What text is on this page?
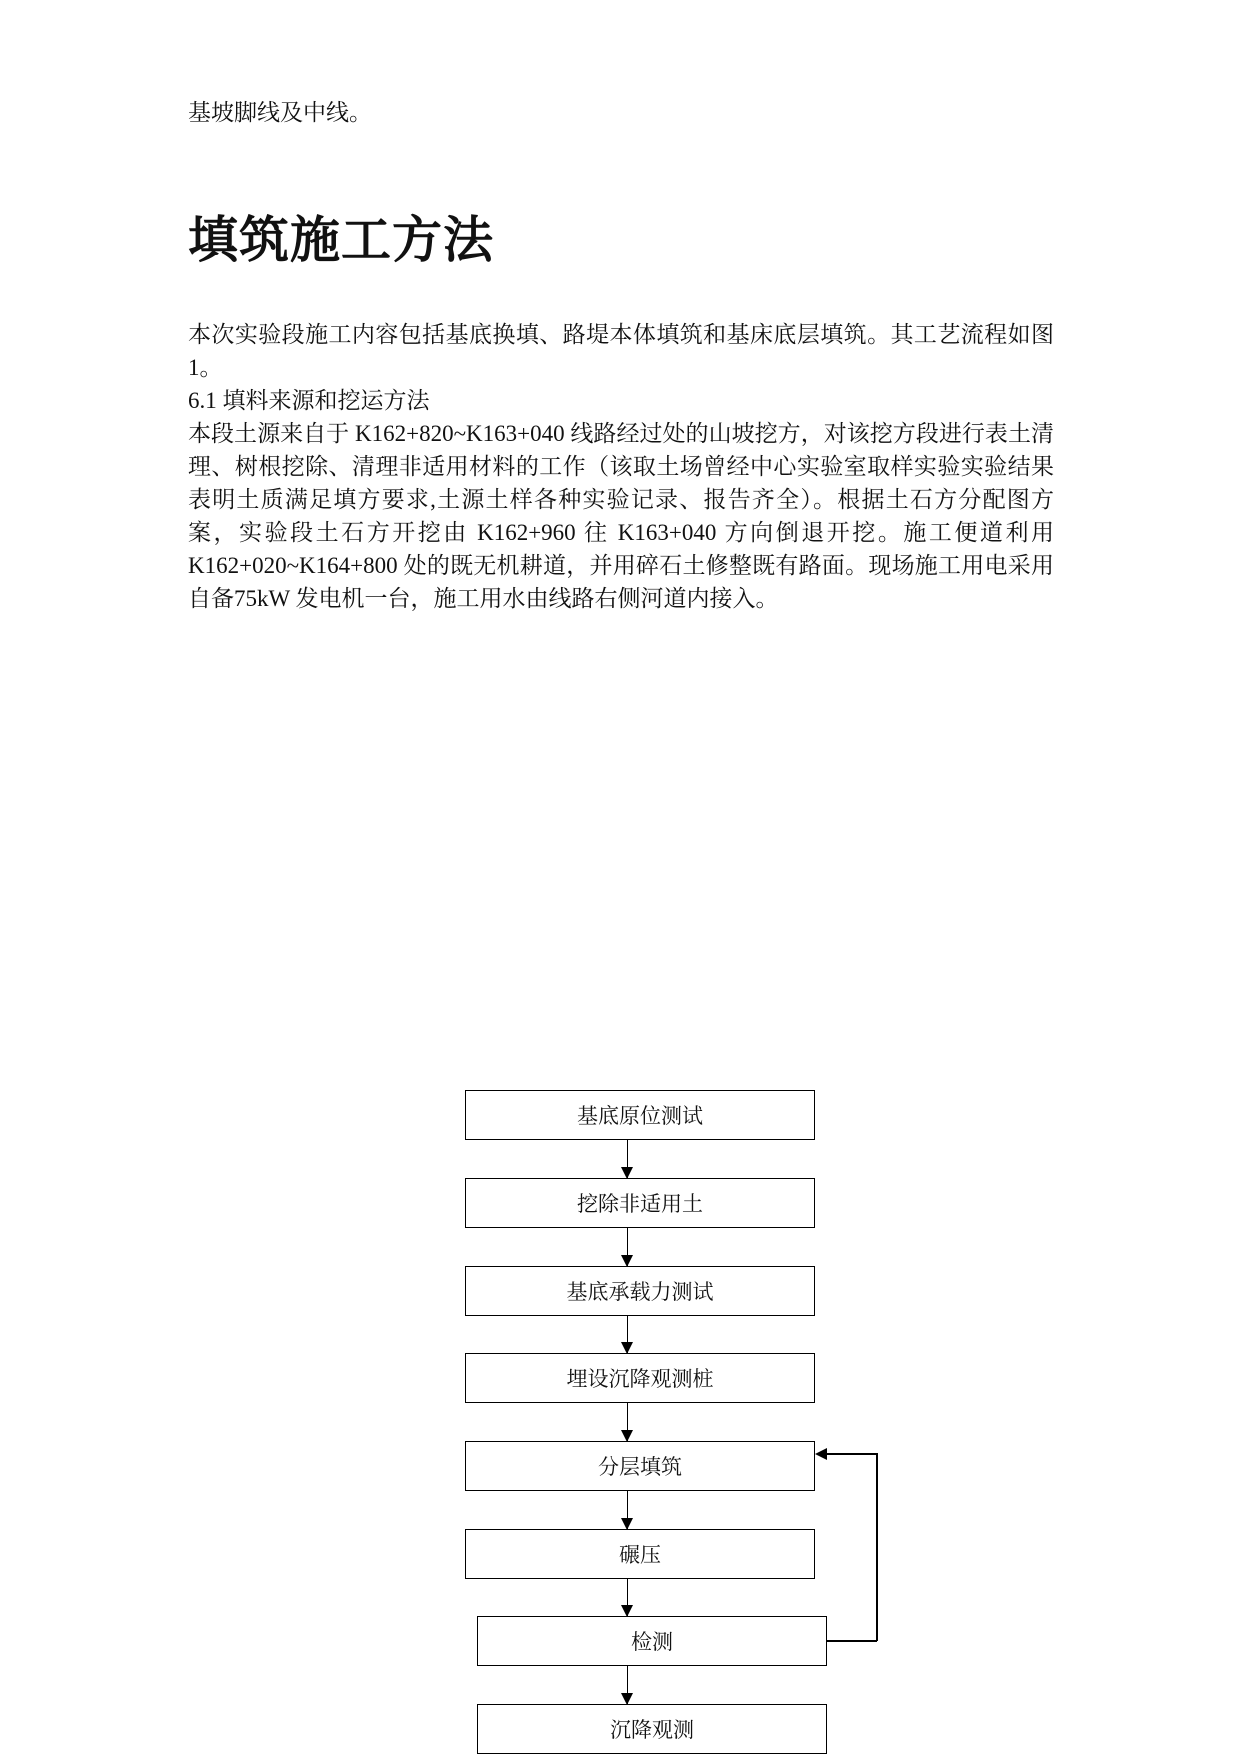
基坡脚线及中线。

填筑施工方法

本次实验段施工内容包括基底换填、路堤本体填筑和基床底层填筑。其工艺流程如图 1。

6.1 填料来源和挖运方法

本段土源来自于 K162+820~K163+040 线路经过处的山坡挖方，对该挖方段进行表土清理、树根挖除、清理非适用材料的工作（该取土场曾经中心实验室取样实验实验结果表明土质满足填方要求,土源土样各种实验记录、报告齐全）。根据土石方分配图方案，实验段土石方开挖由 K162+960 往 K163+040 方向倒退开挖。施工便道利用 K162+020~K164+800 处的既无机耕道，并用碎石土修整既有路面。现场施工用电采用自备75kW 发电机一台，施工用水由线路右侧河道内接入。

基底原位测试
挖除非适用土
基底承载力测试
埋设沉降观测桩
分层填筑
碾压
检测
沉降观测
